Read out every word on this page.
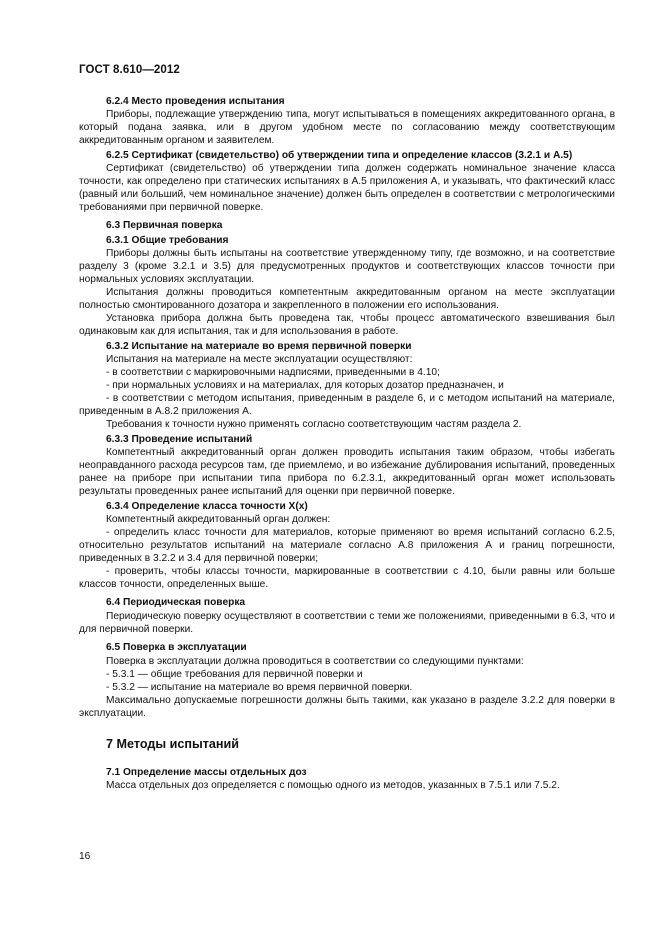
ГОСТ 8.610—2012

6.2.4 Место проведения испытания

Приборы, подлежащие утверждению типа, могут испытываться в помещениях аккредитованного органа, в который подана заявка, или в другом удобном месте по согласованию между соответствующим аккредитованным органом и заявителем.

6.2.5 Сертификат (свидетельство) об утверждении типа и определение классов (3.2.1 и А.5)

Сертификат (свидетельство) об утверждении типа должен содержать номинальное значение класса точности, как определено при статических испытаниях в А.5 приложения А, и указывать, что фактический класс (равный или больший, чем номинальное значение) должен быть определен в соответствии с метрологическими требованиями при первичной поверке.

6.3 Первичная поверка

6.3.1 Общие требования

Приборы должны быть испытаны на соответствие утвержденному типу, где возможно, и на соответствие разделу 3 (кроме 3.2.1 и 3.5) для предусмотренных продуктов и соответствующих классов точности при нормальных условиях эксплуатации.

Испытания должны проводиться компетентным аккредитованным органом на месте эксплуатации полностью смонтированного дозатора и закрепленного в положении его использования.

Установка прибора должна быть проведена так, чтобы процесс автоматического взвешивания был одинаковым как для испытания, так и для использования в работе.

6.3.2 Испытание на материале во время первичной поверки

Испытания на материале на месте эксплуатации осуществляют:

- в соответствии с маркировочными надписями, приведенными в 4.10;

- при нормальных условиях и на материалах, для которых дозатор предназначен, и

- в соответствии с методом испытания, приведенным в разделе 6, и с методом испытаний на материале, приведенным в А.8.2 приложения А.

Требования к точности нужно применять согласно соответствующим частям раздела 2.

6.3.3 Проведение испытаний

Компетентный аккредитованный орган должен проводить испытания таким образом, чтобы избегать неоправданного расхода ресурсов там, где приемлемо, и во избежание дублирования испытаний, проведенных ранее на приборе при испытании типа прибора по 6.2.3.1, аккредитованный орган может использовать результаты проведенных ранее испытаний для оценки при первичной поверке.

6.3.4 Определение класса точности X(x)

Компетентный аккредитованный орган должен:

- определить класс точности для материалов, которые применяют во время испытаний согласно 6.2.5, относительно результатов испытаний на материале согласно А.8 приложения А и границ погрешности, приведенных в 3.2.2 и 3.4 для первичной поверки;

- проверить, чтобы классы точности, маркированные в соответствии с 4.10, были равны или больше классов точности, определенных выше.

6.4 Периодическая поверка

Периодическую поверку осуществляют в соответствии с теми же положениями, приведенными в 6.3, что и для первичной поверки.

6.5 Поверка в эксплуатации

Поверка в эксплуатации должна проводиться в соответствии со следующими пунктами:

- 5.3.1 — общие требования для первичной поверки и

- 5.3.2 — испытание на материале во время первичной поверки.

Максимально допускаемые погрешности должны быть такими, как указано в разделе 3.2.2 для поверки в эксплуатации.

7 Методы испытаний

7.1 Определение массы отдельных доз

Масса отдельных доз определяется с помощью одного из методов, указанных в 7.5.1 или 7.5.2.

16
